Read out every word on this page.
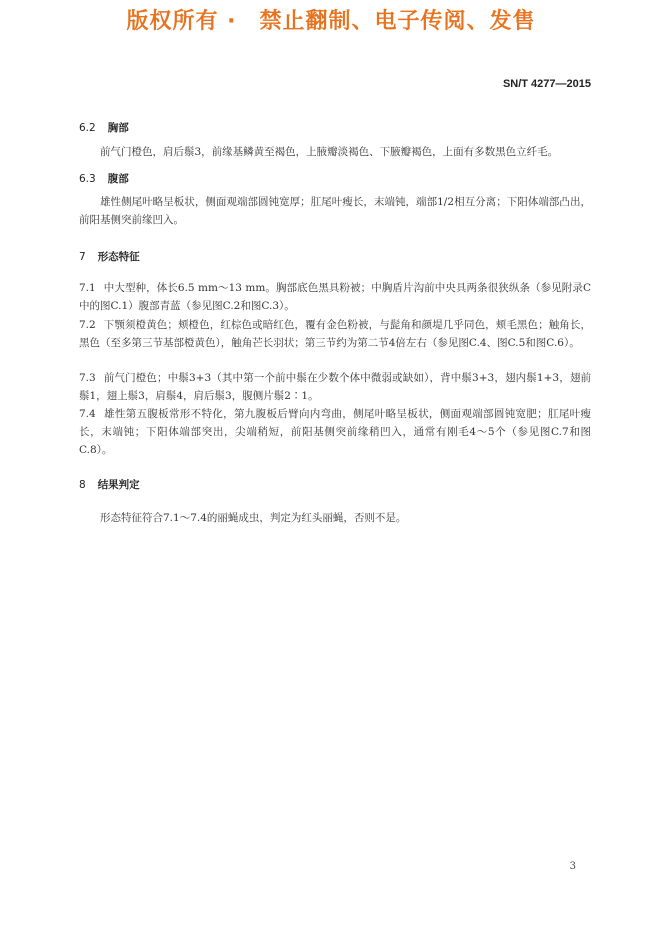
版权所有 ·　禁止翻制、电子传阅、发售
SN/T 4277—2015
6.2 胸部
前气门橙色，肩后鬃3，前缘基鳞黄至褐色，上腋瓣淡褐色、下腋瓣褐色，上面有多数黑色立纤毛。
6.3 腹部
雄性侧尾叶略呈板状，侧面观端部圆钝宽厚；肛尾叶瘦长，末端钝，端部1/2相互分离；下阳体端部凸出，前阳基侧突前缘凹入。
7 形态特征
7.1 中大型种，体长6.5 mm～13 mm。胸部底色黑具粉被；中胸盾片沟前中央具两条很狭纵条（参见附录C中的图C.1）腹部青蓝（参见图C.2和图C.3）。
7.2 下颚须橙黄色；颊橙色，红棕色或暗红色，覆有金色粉被，与髭角和颜堤几乎同色，颊毛黑色；触角长，黑色（至多第三节基部橙黄色），触角芒长羽状；第三节约为第二节4倍左右（参见图C.4、图C.5和图C.6）。
7.3 前气门橙色；中鬃3+3（其中第一个前中鬃在少数个体中微弱或缺如），背中鬃3+3，翅内鬃1+3，翅前鬃1，翅上鬃3，肩鬃4，肩后鬃3，腹侧片鬃2∶1。
7.4 雄性第五腹板常形不特化，第九腹板后臂向内弯曲，侧尾叶略呈板状，侧面观端部圆钝宽肥；肛尾叶瘦长，末端钝；下阳体端部突出，尖端稍短，前阳基侧突前缘稍凹入，通常有刚毛4～5个（参见图C.7和图C.8）。
8 结果判定
形态特征符合7.1～7.4的丽蝇成虫，判定为红头丽蝇，否则不是。
3
